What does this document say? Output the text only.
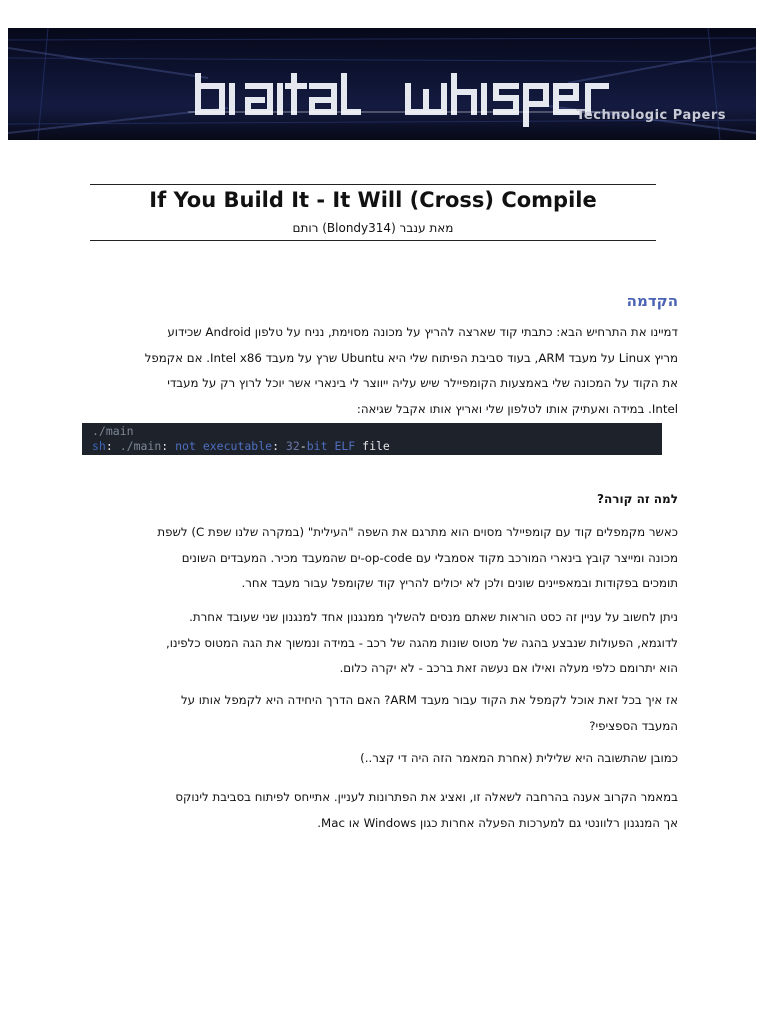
Technologic Papers
If You Build It - It Will (Cross) Compile
מאת ענבר (Blondy314) רותם
הקדמה
דמיינו את התרחיש הבא: כתבתי קוד שארצה להריץ על מכונה מסוימת, נניח על טלפון Android שכידוע
מריץ Linux על מעבד ARM, בעוד סביבת הפיתוח שלי היא Ubuntu שרץ על מעבד Intel x86. אם אקמפל
את הקוד על המכונה שלי באמצעות הקומפיילר שיש עליה ייווצר לי בינארי אשר יוכל לרוץ רק על מעבדי
Intel. במידה ואעתיק אותו לטלפון שלי ואריץ אותו אקבל שגיאה:
./main
sh: ./main: not executable: 32-bit ELF file
למה זה קורה?
כאשר מקמפלים קוד עם קומפיילר מסוים הוא מתרגם את השפה "העילית" (במקרה שלנו שפת C) לשפת
מכונה ומייצר קובץ בינארי המורכב מקוד אסמבלי עם op-code-ים שהמעבד מכיר. המעבדים השונים
תומכים בפקודות ובמאפיינים שונים ולכן לא יכולים להריץ קוד שקומפל עבור מעבד אחר.
ניתן לחשוב על עניין זה כסט הוראות שאתם מנסים להשליך ממנגנון אחד למנגנון שני שעובד אחרת.
לדוגמא, הפעולות שנבצע בהגה של מטוס שונות מהגה של רכב - במידה ונמשוך את הגה המטוס כלפינו,
הוא יתרומם כלפי מעלה ואילו אם נעשה זאת ברכב - לא יקרה כלום.
אז איך בכל זאת אוכל לקמפל את הקוד עבור מעבד ARM? האם הדרך היחידה היא לקמפל אותו על
המעבד הספציפי?
כמובן שהתשובה היא שלילית (אחרת המאמר הזה היה די קצר..)
במאמר הקרוב אענה בהרחבה לשאלה זו, ואציג את הפתרונות לעניין. אתייחס לפיתוח בסביבת לינוקס
אך המנגנון רלוונטי גם למערכות הפעלה אחרות כגון Windows או Mac.
